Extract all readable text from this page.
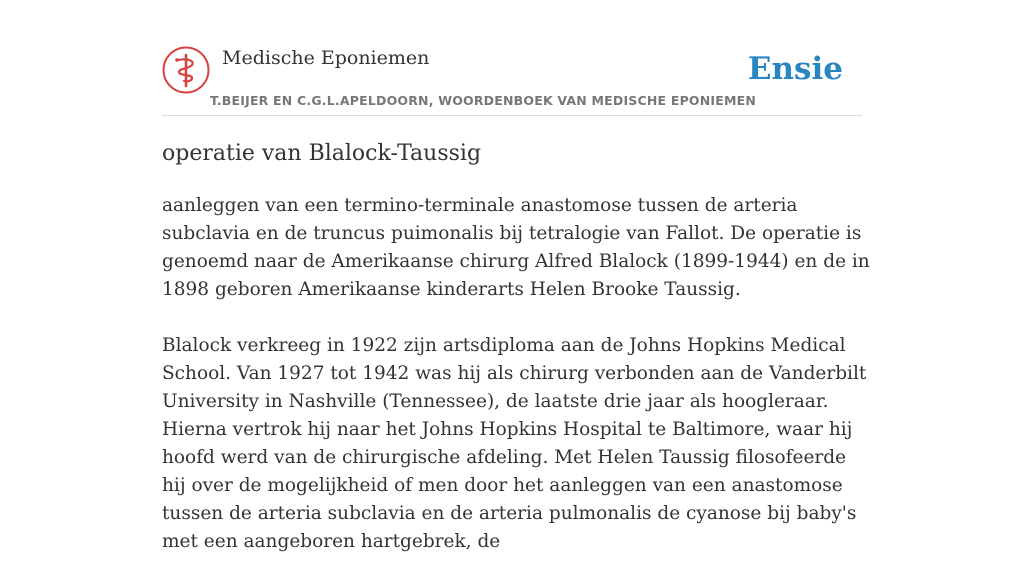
Medische Eponiemen
T.BEIJER EN C.G.L.APELDOORN, WOORDENBOEK VAN MEDISCHE EPONIEMEN
Ensie
operatie van Blalock-Taussig

aanleggen van een termino-terminale anastomose tussen de arteria subclavia en de truncus puimonalis bij tetralogie van Fallot. De operatie is genoemd naar de Amerikaanse chirurg Alfred Blalock (1899-1944) en de in 1898 geboren Amerikaanse kinderarts Helen Brooke Taussig.

Blalock verkreeg in 1922 zijn artsdiploma aan de Johns Hopkins Medical School. Van 1927 tot 1942 was hij als chirurg verbonden aan de Vanderbilt University in Nashville (Tennessee), de laatste drie jaar als hoogleraar. Hierna vertrok hij naar het Johns Hopkins Hospital te Baltimore, waar hij hoofd werd van de chirurgische afdeling. Met Helen Taussig filosofeerde hij over de mogelijkheid of men door het aanleggen van een anastomose tussen de arteria subclavia en de arteria pulmonalis de cyanose bij baby's met een aangeboren hartgebrek, de
